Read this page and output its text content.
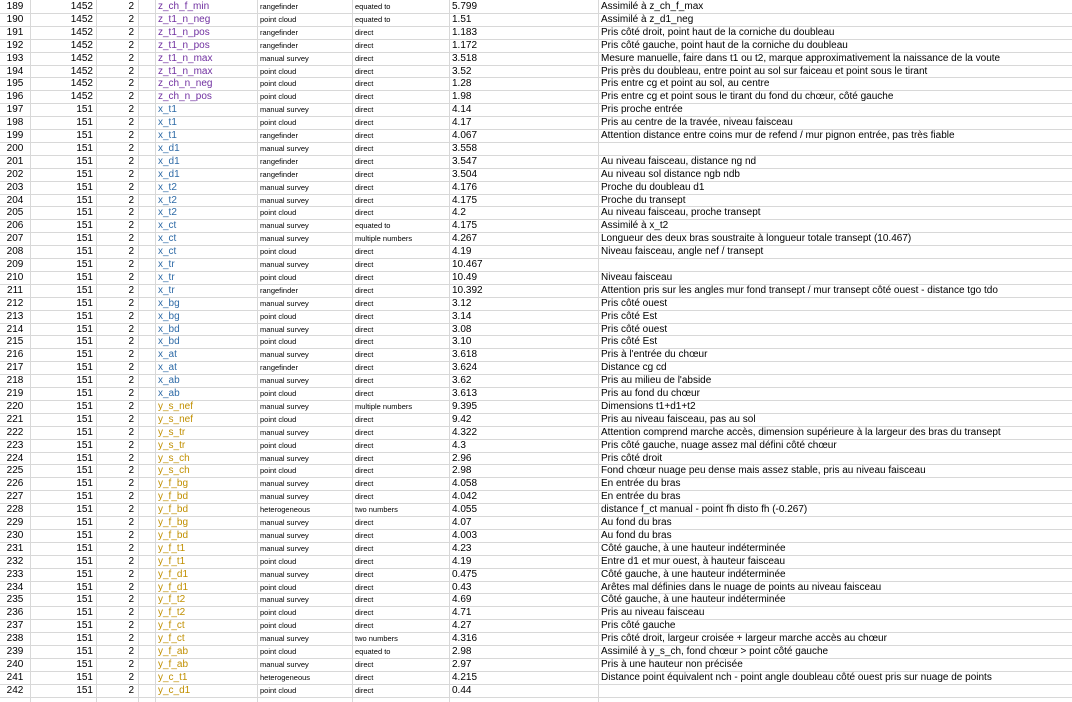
189	1452	2 z_ch_f_min	rangefinder	equated to	5.799	Assimilé à z_ch_f_max
190	1452	2 z_t1_n_neg	point cloud	equated to	1.51	Assimilé à z_d1_neg
191	1452	2 z_t1_n_pos	rangefinder	direct	1.183	Pris côté droit, point haut de la corniche du doubleau
192	1452	2 z_t1_n_pos	rangefinder	direct	1.172	Pris côté gauche, point haut de la corniche du doubleau
193	1452	2 z_t1_n_max	manual survey	direct	3.518	Mesure manuelle, faire dans t1 ou t2, marque approximativement la naissance de la voute
194	1452	2 z_t1_n_max	point cloud	direct	3.52	Pris près du doubleau, entre point au sol sur faiceau et point sous le tirant
195	1452	2 z_ch_n_neg	point cloud	direct	1.28	Pris entre cg et point au sol, au centre
196	1452	2 z_ch_n_pos	point cloud	direct	1.98	Pris entre cg et point sous le tirant du fond du chœur, côté gauche
197	151	2 x_t1	manual survey	direct	4.14	Pris proche entrée
198	151	2 x_t1	point cloud	direct	4.17	Pris au centre de la travée, niveau faisceau
199	151	2 x_t1	rangefinder	direct	4.067	Attention distance entre coins mur de refend / mur pignon entrée, pas très fiable
200	151	2 x_d1	manual survey	direct	3.558
201	151	2 x_d1	rangefinder	direct	3.547	Au niveau faisceau, distance ng nd
202	151	2 x_d1	rangefinder	direct	3.504	Au niveau sol distance ngb ndb
203	151	2 x_t2	manual survey	direct	4.176	Proche du doubleau d1
204	151	2 x_t2	manual survey	direct	4.175	Proche du transept
205	151	2 x_t2	point cloud	direct	4.2	Au niveau faisceau, proche transept
206	151	2 x_ct	manual survey	equated to	4.175	Assimilé à x_t2
207	151	2 x_ct	manual survey	multiple numbers	4.267	Longueur des deux bras soustraite à longueur totale transept (10.467)
208	151	2 x_ct	point cloud	direct	4.19	Niveau faisceau, angle nef / transept
209	151	2 x_tr	manual survey	direct	10.467
210	151	2 x_tr	point cloud	direct	10.49	Niveau faisceau
211	151	2 x_tr	rangefinder	direct	10.392	Attention pris sur les angles mur fond transept / mur transept côté ouest - distance tgo tdo
212	151	2 x_bg	manual survey	direct	3.12	Pris côté ouest
213	151	2 x_bg	point cloud	direct	3.14	Pris côté Est
214	151	2 x_bd	manual survey	direct	3.08	Pris côté ouest
215	151	2 x_bd	point cloud	direct	3.10	Pris côté Est
216	151	2 x_at	manual survey	direct	3.618	Pris à l'entrée du chœur
217	151	2 x_at	rangefinder	direct	3.624	Distance cg cd
218	151	2 x_ab	manual survey	direct	3.62	Pris au milieu de l'abside
219	151	2 x_ab	point cloud	direct	3.613	Pris au fond du chœur
220	151	2 y_s_nef	manual survey	multiple numbers	9.395	Dimensions t1+d1+t2
221	151	2 y_s_nef	point cloud	direct	9.42	Pris au niveau faisceau, pas au sol
222	151	2 y_s_tr	manual survey	direct	4.322	Attention comprend marche accès, dimension supérieure à la largeur des bras du transept
223	151	2 y_s_tr	point cloud	direct	4.3	Pris côté gauche, nuage assez mal défini côté chœur
224	151	2 y_s_ch	manual survey	direct	2.96	Pris côté droit
225	151	2 y_s_ch	point cloud	direct	2.98	Fond chœur nuage peu dense mais assez stable, pris au niveau faisceau
226	151	2 y_f_bg	manual survey	direct	4.058	En entrée du bras
227	151	2 y_f_bd	manual survey	direct	4.042	En entrée du bras
228	151	2 y_f_bd	heterogeneous	two numbers	4.055	distance f_ct manual - point fh disto fh (-0.267)
229	151	2 y_f_bg	manual survey	direct	4.07	Au fond du bras
230	151	2 y_f_bd	manual survey	direct	4.003	Au fond du bras
231	151	2 y_f_t1	manual survey	direct	4.23	Côté gauche, à une hauteur indéterminée
232	151	2 y_f_t1	point cloud	direct	4.19	Entre d1 et mur ouest, à hauteur faisceau
233	151	2 y_f_d1	manual survey	direct	0.475	Côté gauche, à une hauteur indéterminée
234	151	2 y_f_d1	point cloud	direct	0.43	Arêtes mal définies dans le nuage de points au niveau faisceau
235	151	2 y_f_t2	manual survey	direct	4.69	Côté gauche, à une hauteur indéterminée
236	151	2 y_f_t2	point cloud	direct	4.71	Pris au niveau faisceau
237	151	2 y_f_ct	point cloud	direct	4.27	Pris côté gauche
238	151	2 y_f_ct	manual survey	two numbers	4.316	Pris côté droit, largeur croisée + largeur marche accès au chœur
239	151	2 y_f_ab	point cloud	equated to	2.98	Assimilé à y_s_ch, fond chœur > point côté gauche
240	151	2 y_f_ab	manual survey	direct	2.97	Pris à une hauteur non précisée
241	151	2 y_c_t1	heterogeneous	direct	4.215	Distance point équivalent nch - point angle doubleau côté ouest pris sur nuage de points
242	151	2 y_c_d1	point cloud	direct	0.44
